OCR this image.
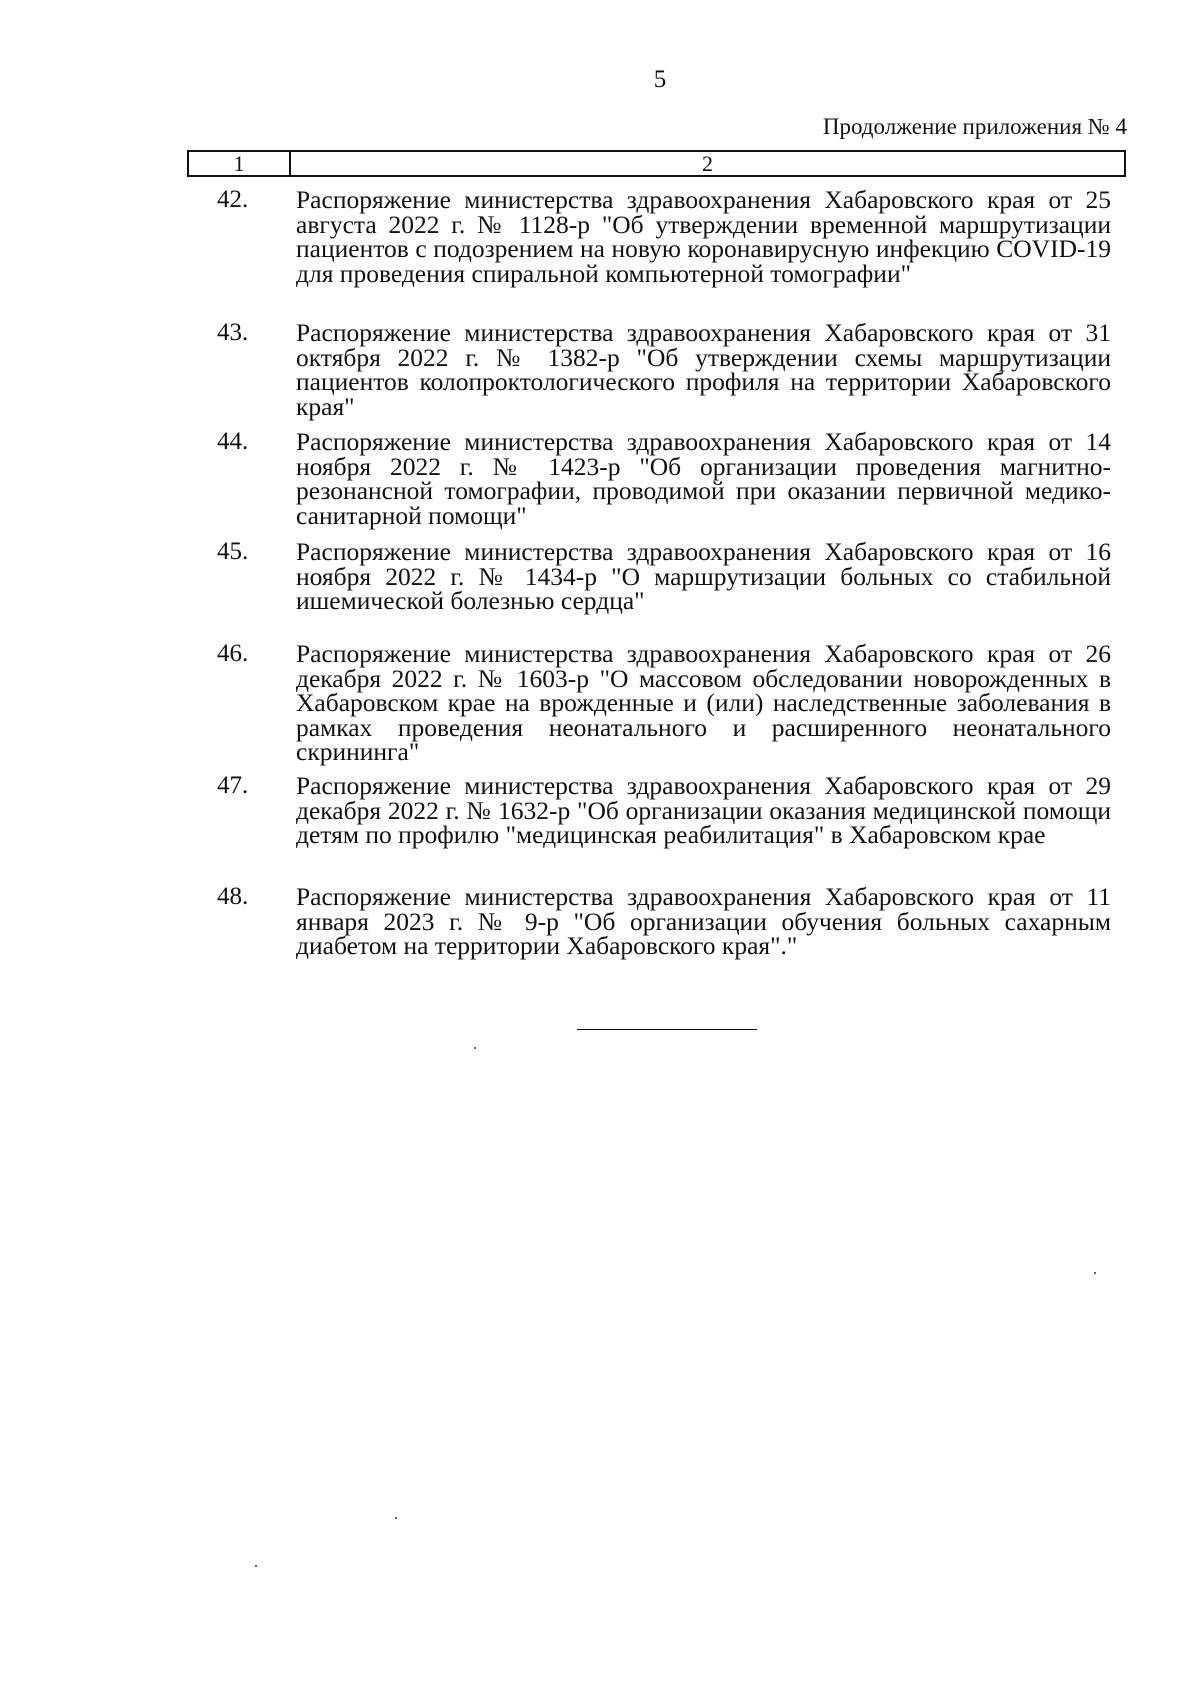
5
Продолжение приложения № 4
1	2
42. Распоряжение министерства здравоохранения Хабаровского края от 25 августа 2022 г. № 1128-р "Об утверждении временной маршрутизации пациентов с подозрением на новую коронавирусную инфекцию COVID-19 для проведения спиральной компьютерной томографии"
43. Распоряжение министерства здравоохранения Хабаровского края от 31 октября 2022 г. № 1382-р "Об утверждении схемы маршрутизации пациентов колопроктологического профиля на территории Хабаровского края"
44. Распоряжение министерства здравоохранения Хабаровского края от 14 ноября 2022 г. № 1423-р "Об организации проведения магнитно-резонансной томографии, проводимой при оказании первичной медико-санитарной помощи"
45. Распоряжение министерства здравоохранения Хабаровского края от 16 ноября 2022 г. № 1434-р "О маршрутизации больных со стабильной ишемической болезнью сердца"
46. Распоряжение министерства здравоохранения Хабаровского края от 26 декабря 2022 г. № 1603-р "О массовом обследовании новорожденных в Хабаровском крае на врожденные и (или) наследственные заболевания в рамках проведения неонатального и расширенного неонатального скрининга"
47. Распоряжение министерства здравоохранения Хабаровского края от 29 декабря 2022 г. № 1632-р "Об организации оказания медицинской помощи детям по профилю "медицинская реабилитация" в Хабаровском крае
48. Распоряжение министерства здравоохранения Хабаровского края от 11 января 2023 г. № 9-р "Об организации обучения больных сахарным диабетом на территории Хабаровского края"."
